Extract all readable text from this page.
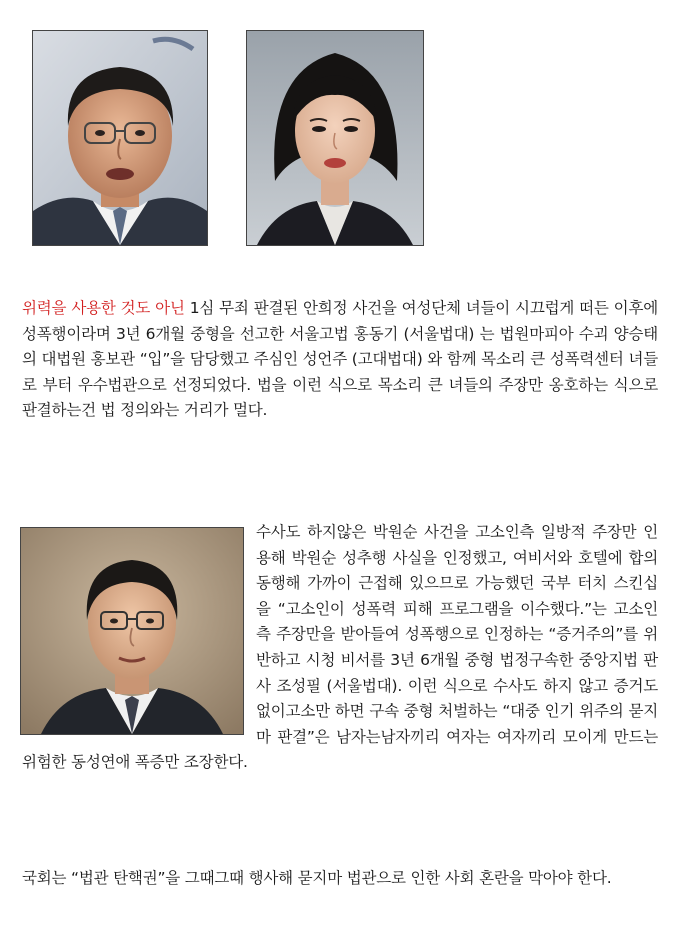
위력을 사용한 것도 아닌 1심 무죄 판결된 안희정 사건을 여성단체 녀들이 시끄럽게 떠든 이후에 성폭행이라며 3년 6개월 중형을 선고한 서울고법 홍동기 (서울법대) 는 법원마피아 수괴 양승태의 대법원 홍보관 “입”을 담당했고 주심인 성언주 (고대법대) 와 함께 목소리 큰 성폭력센터 녀들로 부터 우수법관으로 선정되었다. 법을 이런 식으로 목소리 큰 녀들의 주장만 옹호하는 식으로 판결하는건 법 정의와는 거리가 멀다.

수사도 하지않은 박원순 사건을 고소인측 일방적 주장만 인용해 박원순 성추행 사실을 인정했고, 여비서와 호텔에 합의 동행해 가까이 근접해 있으므로 가능했던 국부 터치 스킨십을 “고소인이 성폭력 피해 프로그램을 이수했다.”는 고소인측 주장만을 받아들여 성폭행으로 인정하는 “증거주의”를 위반하고 시청 비서를 3년 6개월 중형 법정구속한 중앙지법 판사 조성필 (서울법대). 이런 식으로 수사도 하지 않고 증거도 없이고소만 하면 구속 중형 처벌하는 “대중 인기 위주의 묻지마 판결”은 남자는남자끼리 여자는 여자끼리 모이게 만드는 위험한 동성연애 폭증만 조장한다.

국회는 “법관 탄핵권”을 그때그때 행사해 묻지마 법관으로 인한 사회 혼란을 막아야 한다.
